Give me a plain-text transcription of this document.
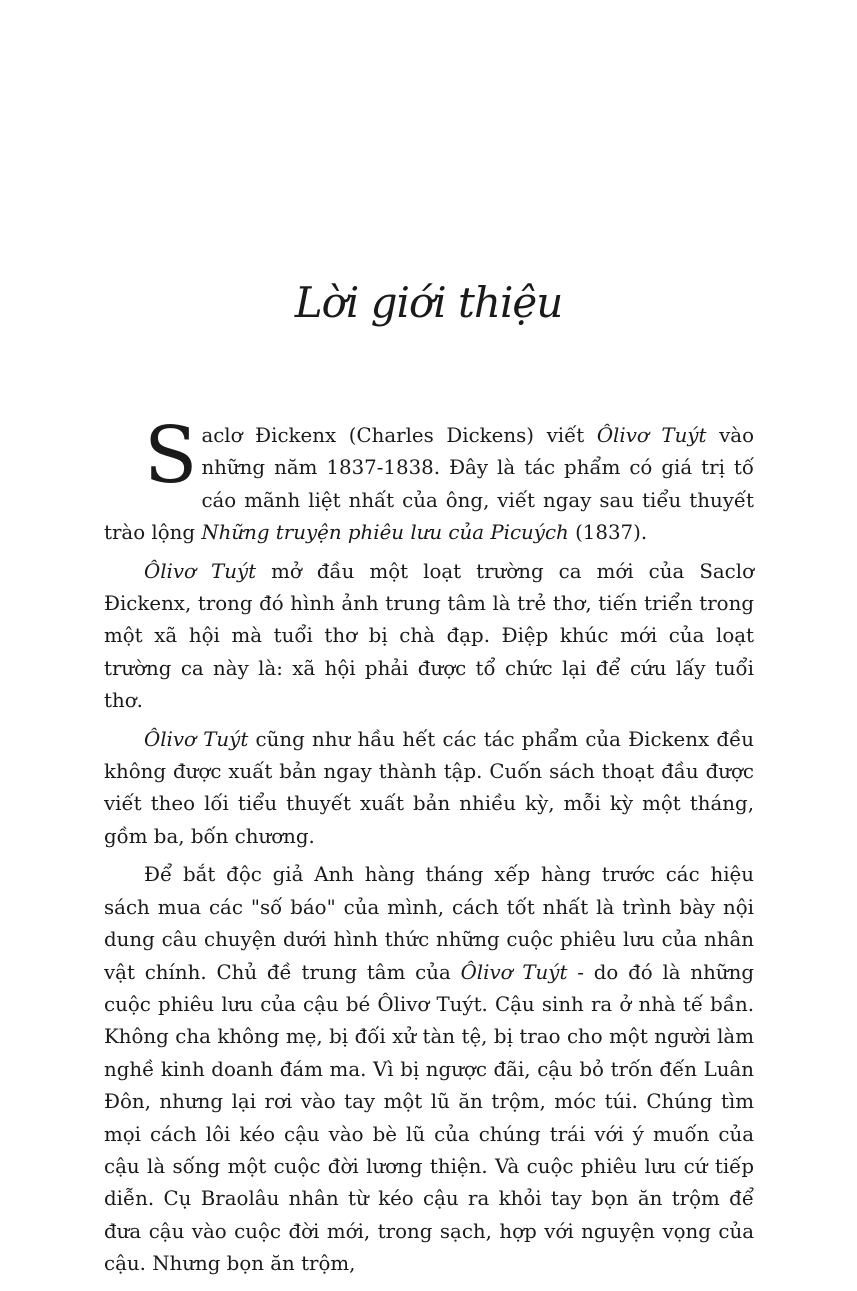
Lời giới thiệu

Saclơ Đickenx (Charles Dickens) viết Ôlivơ Tuýt vào những năm 1837-1838. Đây là tác phẩm có giá trị tố cáo mãnh liệt nhất của ông, viết ngay sau tiểu thuyết trào lộng Những truyện phiêu lưu của Picuých (1837).

Ôlivơ Tuýt mở đầu một loạt trường ca mới của Saclơ Đickenx, trong đó hình ảnh trung tâm là trẻ thơ, tiến triển trong một xã hội mà tuổi thơ bị chà đạp. Điệp khúc mới của loạt trường ca này là: xã hội phải được tổ chức lại để cứu lấy tuổi thơ.

Ôlivơ Tuýt cũng như hầu hết các tác phẩm của Đickenx đều không được xuất bản ngay thành tập. Cuốn sách thoạt đầu được viết theo lối tiểu thuyết xuất bản nhiều kỳ, mỗi kỳ một tháng, gồm ba, bốn chương.

Để bắt độc giả Anh hàng tháng xếp hàng trước các hiệu sách mua các "số báo" của mình, cách tốt nhất là trình bày nội dung câu chuyện dưới hình thức những cuộc phiêu lưu của nhân vật chính. Chủ đề trung tâm của Ôlivơ Tuýt - do đó là những cuộc phiêu lưu của cậu bé Ôlivơ Tuýt. Cậu sinh ra ở nhà tế bần. Không cha không mẹ, bị đối xử tàn tệ, bị trao cho một người làm nghề kinh doanh đám ma. Vì bị ngược đãi, cậu bỏ trốn đến Luân Đôn, nhưng lại rơi vào tay một lũ ăn trộm, móc túi. Chúng tìm mọi cách lôi kéo cậu vào bè lũ của chúng trái với ý muốn của cậu là sống một cuộc đời lương thiện. Và cuộc phiêu lưu cứ tiếp diễn. Cụ Braolâu nhân từ kéo cậu ra khỏi tay bọn ăn trộm để đưa cậu vào cuộc đời mới, trong sạch, hợp với nguyện vọng của cậu. Nhưng bọn ăn trộm,
